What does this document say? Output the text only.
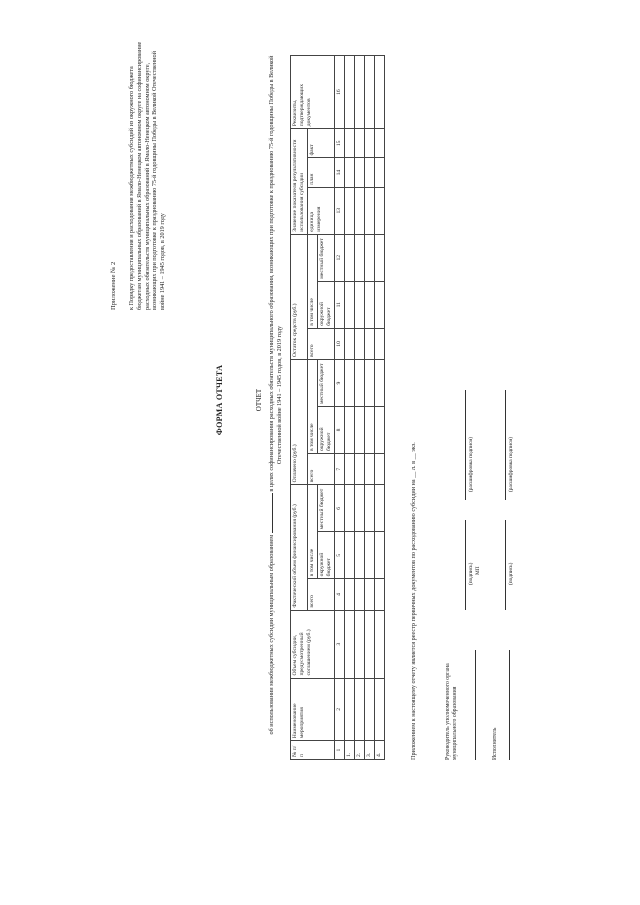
Приложение № 2 к Порядку предоставления и расходования межбюджетных субсидий из окружного бюджета бюджетам муниципальных образований в Ямало-Ненецком автономном округе на софинансирование расходных обязательств муниципальных образований в Ямало-Ненецком автономном округе, возникающих при подготовке к празднованию 75-й годовщины Победы в Великой Отечественной войне 1941 – 1945 годов, в 2019 году
ФОРМА ОТЧЕТА	ОТЧЕТ
об использовании межбюджетных субсидии муниципальным образованием  в целях софинансирования расходных обязательств муниципального образования, возникающих при подготовке к празднованию 75-й годовщины Победы в Великой Отечественной войне 1941 – 1945 годов, в 2019 году
№ п/п	Наименование мероприятия	Объем субсидии, предусмотренный соглашением (руб.)	Фактический объем финансирования (руб.)			Оплачено (руб.)			Остаток средств (руб.)			Значение показателя результативности использования субсидии			Реквизиты, подтверждающих документов
			всего	в том числе		всего	в том числе		всего	в том числе		единица измерения	план	факт	
				окружной бюджет	местный бюджет		окружной бюджет	местный бюджет		окружной бюджет	местный бюджет				
1	2	3	4	5	6	7	8	9	10	11	12	13	14	15	16
1.															
2.															
3.															
4.																Приложением к настоящему отчету является реестр первичных документов по расходованию субсидии на __ л. в __ экз.	Руководитель уполномоченного органа муниципального образования
(подпись)
(расшифровка подписи)
МП
Исполнитель
(подпись)
(расшифровка подписи)
